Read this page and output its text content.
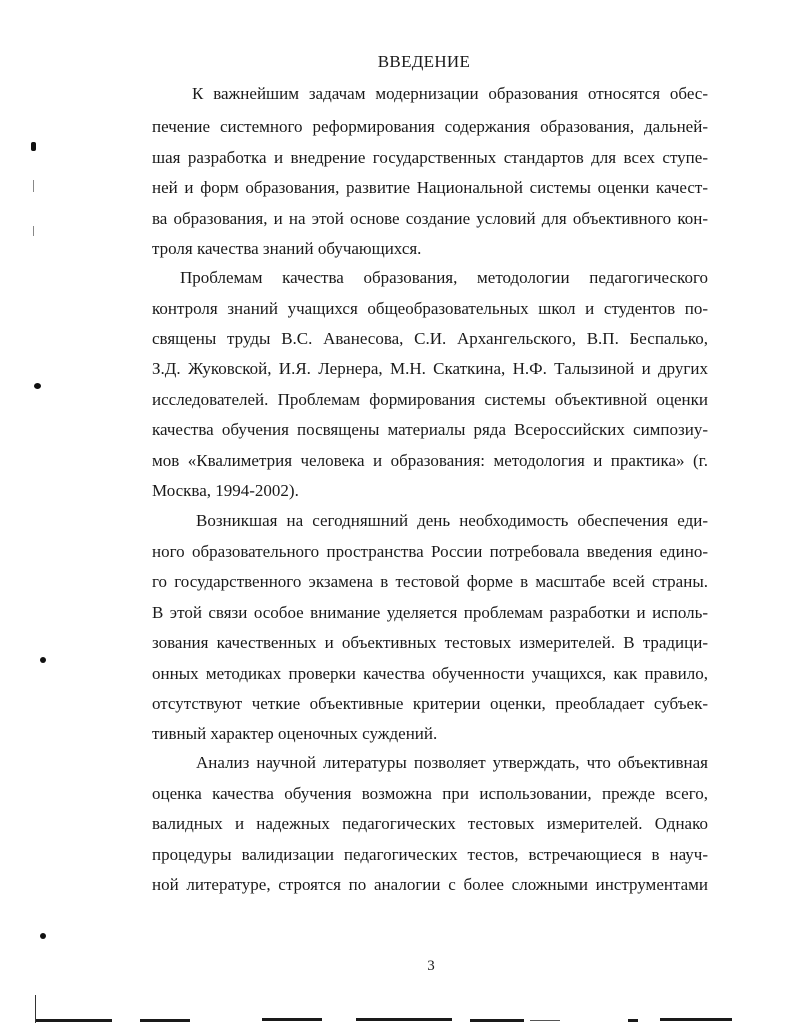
ВВЕДЕНИЕ
К важнейшим задачам модернизации образования относятся обес-
печение системного реформирования содержания образования, дальней-
шая разработка и внедрение государственных стандартов для всех ступе-
ней и форм образования, развитие Национальной системы оценки качест-
ва образования, и на этой основе создание условий для объективного кон-
троля качества знаний обучающихся.
Проблемам качества образования, методологии педагогического
контроля знаний учащихся общеобразовательных школ и студентов по-
священы труды В.С. Аванесова, С.И. Архангельского, В.П. Беспалько,
З.Д. Жуковской, И.Я. Лернера, М.Н. Скаткина, Н.Ф. Талызиной и других
исследователей. Проблемам формирования системы объективной оценки
качества обучения посвящены материалы ряда Всероссийских симпозиу-
мов «Квалиметрия человека и образования: методология и практика» (г.
Москва, 1994-2002).
Возникшая на сегодняшний день необходимость обеспечения еди-
ного образовательного пространства России потребовала введения едино-
го государственного экзамена в тестовой форме в масштабе всей страны.
В этой связи особое внимание уделяется проблемам разработки и исполь-
зования качественных и объективных тестовых измерителей. В традици-
онных методиках проверки качества обученности учащихся, как правило,
отсутствуют четкие объективные критерии оценки, преобладает субъек-
тивный характер оценочных суждений.
Анализ научной литературы позволяет утверждать, что объективная
оценка качества обучения возможна при использовании, прежде всего,
валидных и надежных педагогических тестовых измерителей. Однако
процедуры валидизации педагогических тестов, встречающиеся в науч-
ной литературе, строятся по аналогии с более сложными инструментами
3
